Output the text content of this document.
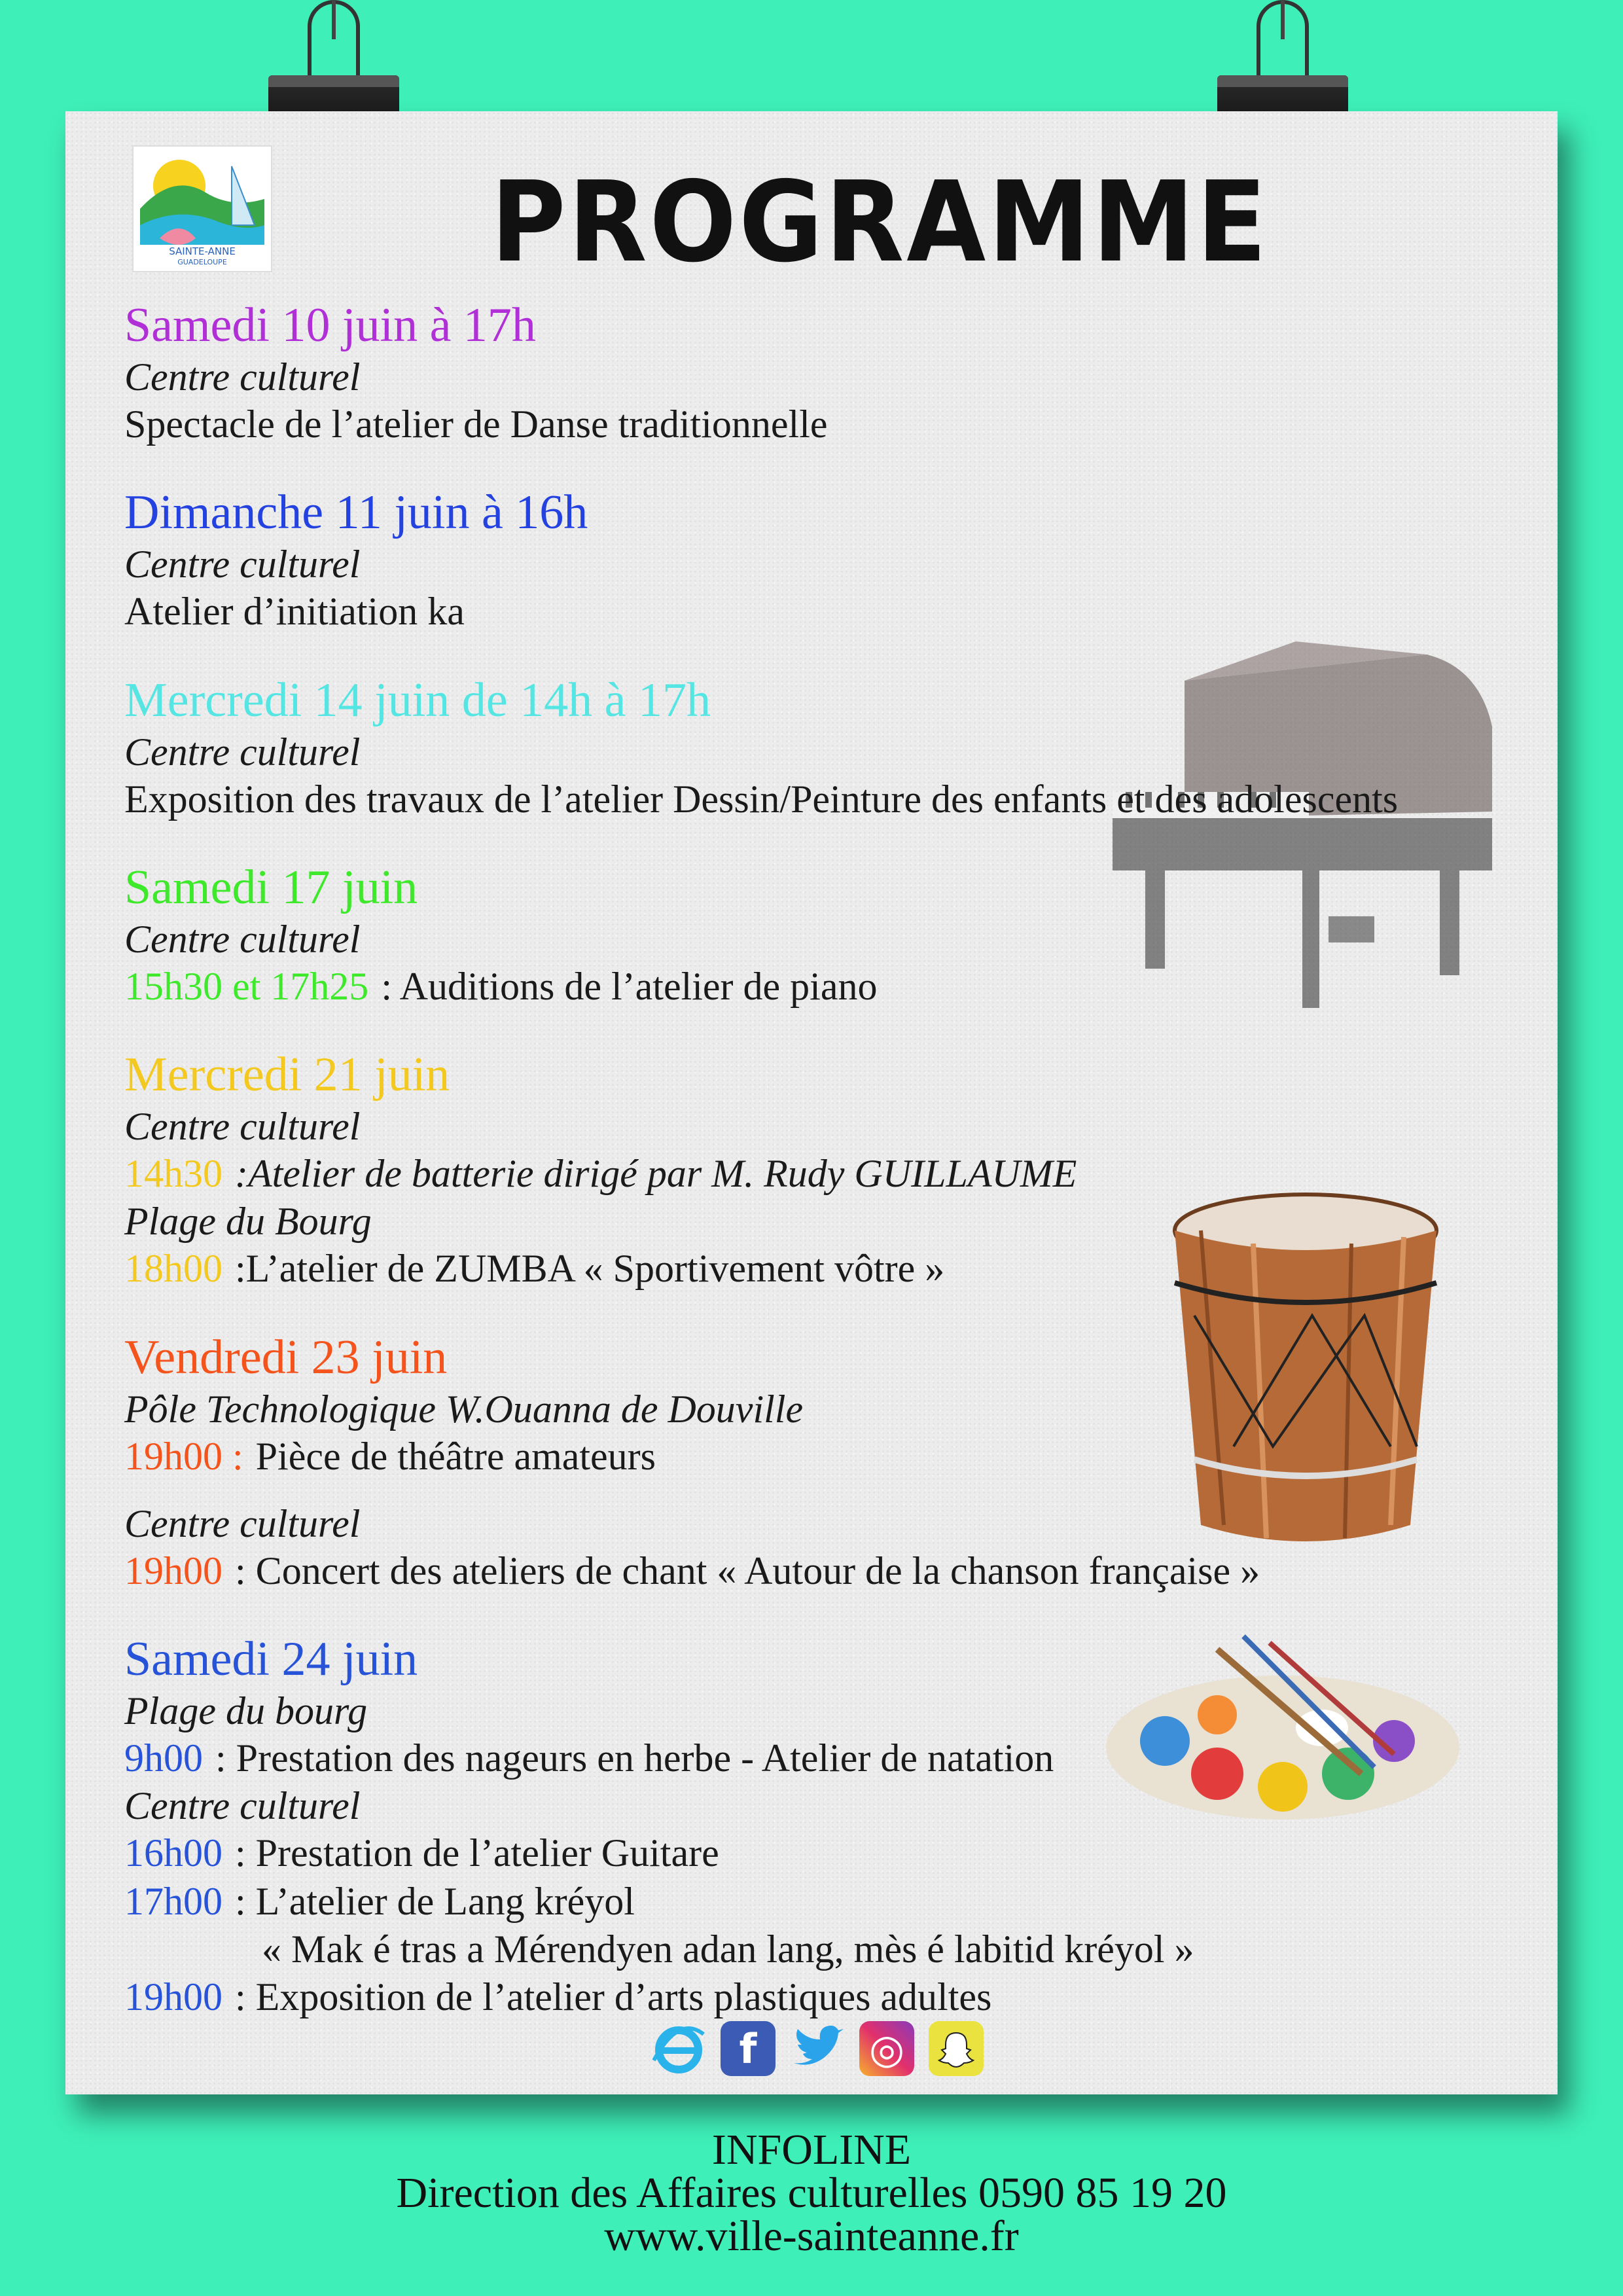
SAINTE-ANNE
GUADELOUPE PROGRAMME
Samedi 10 juin à 17h
Centre culturel
Spectacle de l’atelier de Danse traditionnelle
Dimanche 11 juin à 16h
Centre culturel
Atelier d’initiation ka
Mercredi 14 juin de 14h à 17h
Centre culturel
Exposition des travaux de l’atelier Dessin/Peinture des enfants et des adolescents
Samedi 17 juin
Centre culturel
15h30 et 17h25 : Auditions de l’atelier de piano
Mercredi 21 juin
Centre culturel
14h30 :Atelier de batterie dirigé par M. Rudy GUILLAUME
Plage du Bourg
18h00 :L’atelier de ZUMBA « Sportivement vôtre »
Vendredi 23 juin
Pôle Technologique W.Ouanna de Douville
19h00 : Pièce de théâtre amateurs
Centre culturel
19h00 : Concert des ateliers de chant « Autour de la chanson française »
Samedi 24 juin
Plage du bourg
9h00 : Prestation des nageurs en herbe - Atelier de natation
Centre culturel
16h00 : Prestation de l’atelier Guitare
17h00 : L’atelier de Lang kréyol
« Mak é tras a Mérendyen adan lang, mès é labitid kréyol »
19h00 : Exposition de l’atelier d’arts plastiques adultes
f	◎
INFOLINE
Direction des Affaires culturelles 0590 85 19 20
www.ville-sainteanne.fr
